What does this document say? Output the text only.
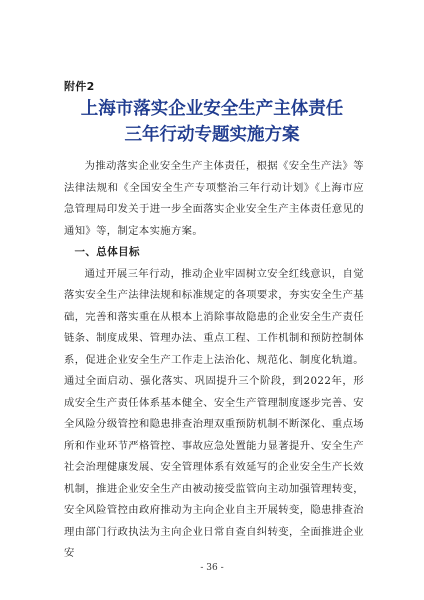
附件2
上海市落实企业安全生产主体责任
三年行动专题实施方案

为推动落实企业安全生产主体责任，根据《安全生产法》等法律法规和《全国安全生产专项整治三年行动计划》《上海市应急管理局印发关于进一步全面落实企业安全生产主体责任意见的通知》等，制定本实施方案。

一、总体目标

通过开展三年行动，推动企业牢固树立安全红线意识，自觉落实安全生产法律法规和标准规定的各项要求，夯实安全生产基础，完善和落实重在从根本上消除事故隐患的企业安全生产责任链条、制度成果、管理办法、重点工程、工作机制和预防控制体系，促进企业安全生产工作走上法治化、规范化、制度化轨道。通过全面启动、强化落实、巩固提升三个阶段，到2022年，形成安全生产责任体系基本健全、安全生产管理制度逐步完善、安全风险分级管控和隐患排查治理双重预防机制不断深化、重点场所和作业环节严格管控、事故应急处置能力显著提升、安全生产社会治理健康发展、安全管理体系有效延写的企业安全生产长效机制，推进企业安全生产由被动接受监管向主动加强管理转变，安全风险管控由政府推动为主向企业自主开展转变，隐患排查治理由部门行政执法为主向企业日常自查自纠转变，全面推进企业安

- 36 -
